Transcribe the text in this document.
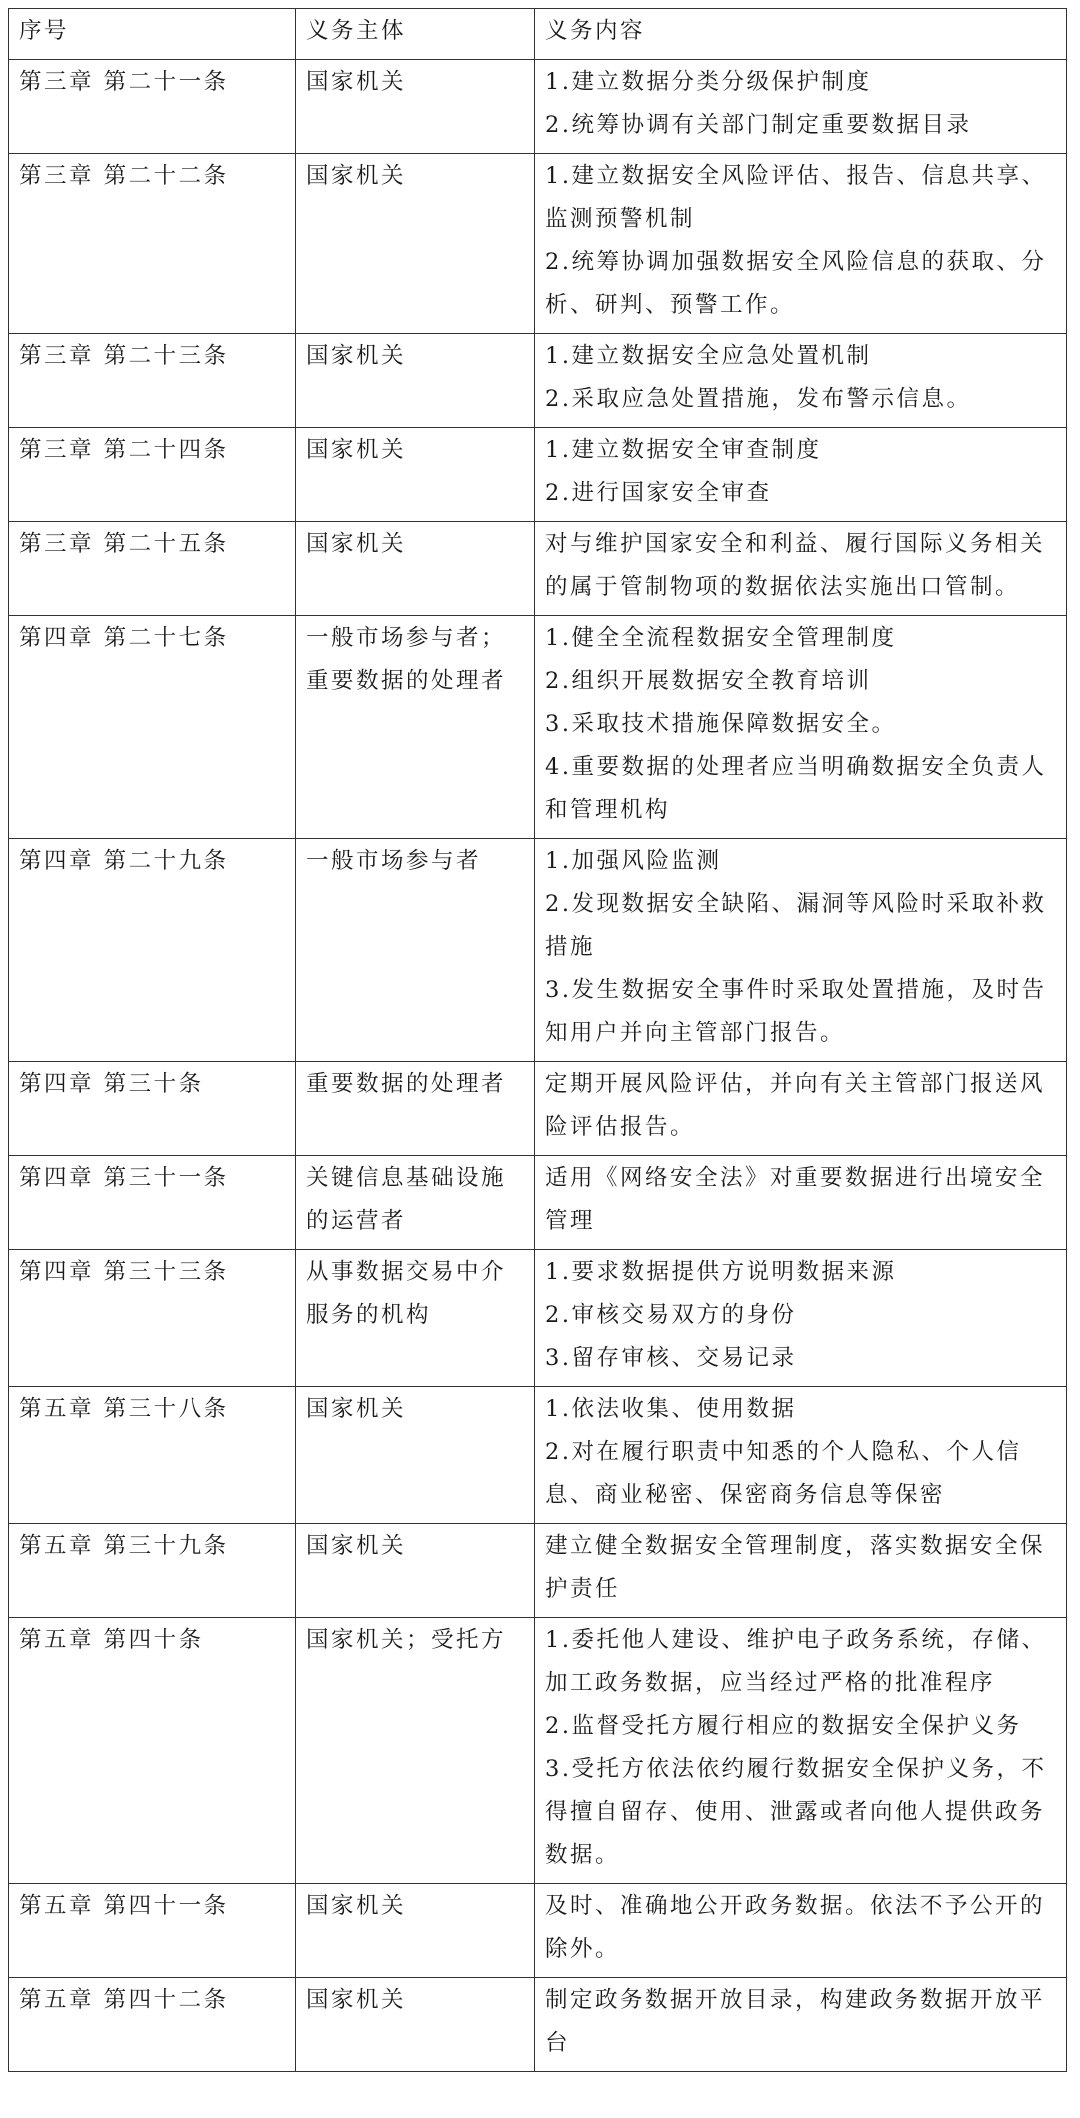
序号	义务主体	义务内容
第三章 第二十一条	国家机关	1.建立数据分类分级保护制度
2.统筹协调有关部门制定重要数据目录

第三章 第二十二条	国家机关	1.建立数据安全风险评估、报告、信息共享、监测预警机制
2.统筹协调加强数据安全风险信息的获取、分析、研判、预警工作。

第三章 第二十三条	国家机关	1.建立数据安全应急处置机制
2.采取应急处置措施，发布警示信息。

第三章 第二十四条	国家机关	1.建立数据安全审查制度
2.进行国家安全审查

第三章 第二十五条	国家机关	对与维护国家安全和利益、履行国际义务相关的属于管制物项的数据依法实施出口管制。

第四章 第二十七条	一般市场参与者；重要数据的处理者	1.健全全流程数据安全管理制度
2.组织开展数据安全教育培训
3.采取技术措施保障数据安全。
4.重要数据的处理者应当明确数据安全负责人和管理机构

第四章 第二十九条	一般市场参与者	1.加强风险监测
2.发现数据安全缺陷、漏洞等风险时采取补救措施
3.发生数据安全事件时采取处置措施，及时告知用户并向主管部门报告。

第四章 第三十条	重要数据的处理者	定期开展风险评估，并向有关主管部门报送风险评估报告。

第四章 第三十一条	关键信息基础设施的运营者	适用《网络安全法》对重要数据进行出境安全管理

第四章 第三十三条	从事数据交易中介服务的机构	1.要求数据提供方说明数据来源
2.审核交易双方的身份
3.留存审核、交易记录

第五章 第三十八条	国家机关	1.依法收集、使用数据
2.对在履行职责中知悉的个人隐私、个人信息、商业秘密、保密商务信息等保密

第五章 第三十九条	国家机关	建立健全数据安全管理制度，落实数据安全保护责任

第五章 第四十条	国家机关；受托方	1.委托他人建设、维护电子政务系统，存储、加工政务数据，应当经过严格的批准程序
2.监督受托方履行相应的数据安全保护义务
3.受托方依法依约履行数据安全保护义务，不得擅自留存、使用、泄露或者向他人提供政务数据。

第五章 第四十一条	国家机关	及时、准确地公开政务数据。依法不予公开的除外。

第五章 第四十二条	国家机关	制定政务数据开放目录，构建政务数据开放平台
